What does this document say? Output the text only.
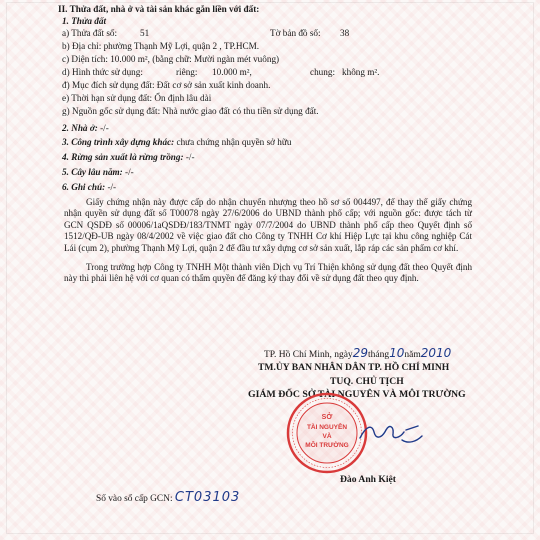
II. Thửa đất, nhà ở và tài sản khác gắn liền với đất:
1. Thửa đất
a) Thửa đất số: 51	Tờ bản đồ số: 38
b) Địa chỉ: phường Thạnh Mỹ Lợi, quận 2 , TP.HCM.
c) Diện tích: 10.000 m², (bằng chữ: Mười ngàn mét vuông)
d) Hình thức sử dụng:	riêng: 10.000 m²,	chung: không m².
đ) Mục đích sử dụng đất: Đất cơ sở sản xuất kinh doanh.
e) Thời hạn sử dụng đất: Ổn định lâu dài
g) Nguồn gốc sử dụng đất: Nhà nước giao đất có thu tiền sử dụng đất.
2. Nhà ở: -/-
3. Công trình xây dựng khác: chưa chứng nhận quyền sở hữu
4. Rừng sản xuất là rừng trồng: -/-
5. Cây lâu năm: -/-
6. Ghi chú: -/-
Giấy chứng nhận này được cấp do nhận chuyển nhượng theo hồ sơ số 004497, để thay thế giấy chứng nhận quyền sử dụng đất số T00078 ngày 27/6/2006 do UBND thành phố cấp; với nguồn gốc: được tách từ GCN QSDĐ số 00006/1aQSDĐ/183/TNMT ngày 07/7/2004 do UBND thành phố cấp theo Quyết định số 1512/QĐ-UB ngày 08/4/2002 về việc giao đất cho Công ty TNHH Cơ khí Hiệp Lực tại khu công nghiệp Cát Lái (cụm 2), phường Thạnh Mỹ Lợi, quận 2 để đầu tư xây dựng cơ sở sản xuất, lắp ráp các sản phẩm cơ khí.
Trong trường hợp Công ty TNHH Một thành viên Dịch vụ Trí Thiện không sử dụng đất theo Quyết định này thì phải liên hệ với cơ quan có thẩm quyền để đăng ký thay đổi về sử dụng đất theo quy định.
TP. Hồ Chí Minh, ngày29tháng10năm2010
TM.ỦY BAN NHÂN DÂN TP. HỒ CHÍ MINH
TUQ. CHỦ TỊCH
GIÁM ĐỐC SỞ TÀI NGUYÊN VÀ MÔI TRƯỜNG
SỞ
TÀI NGUYÊN
VÀ
MÔI TRƯỜNG
Đào Anh Kiệt
Số vào sổ cấp GCN: CT03103
